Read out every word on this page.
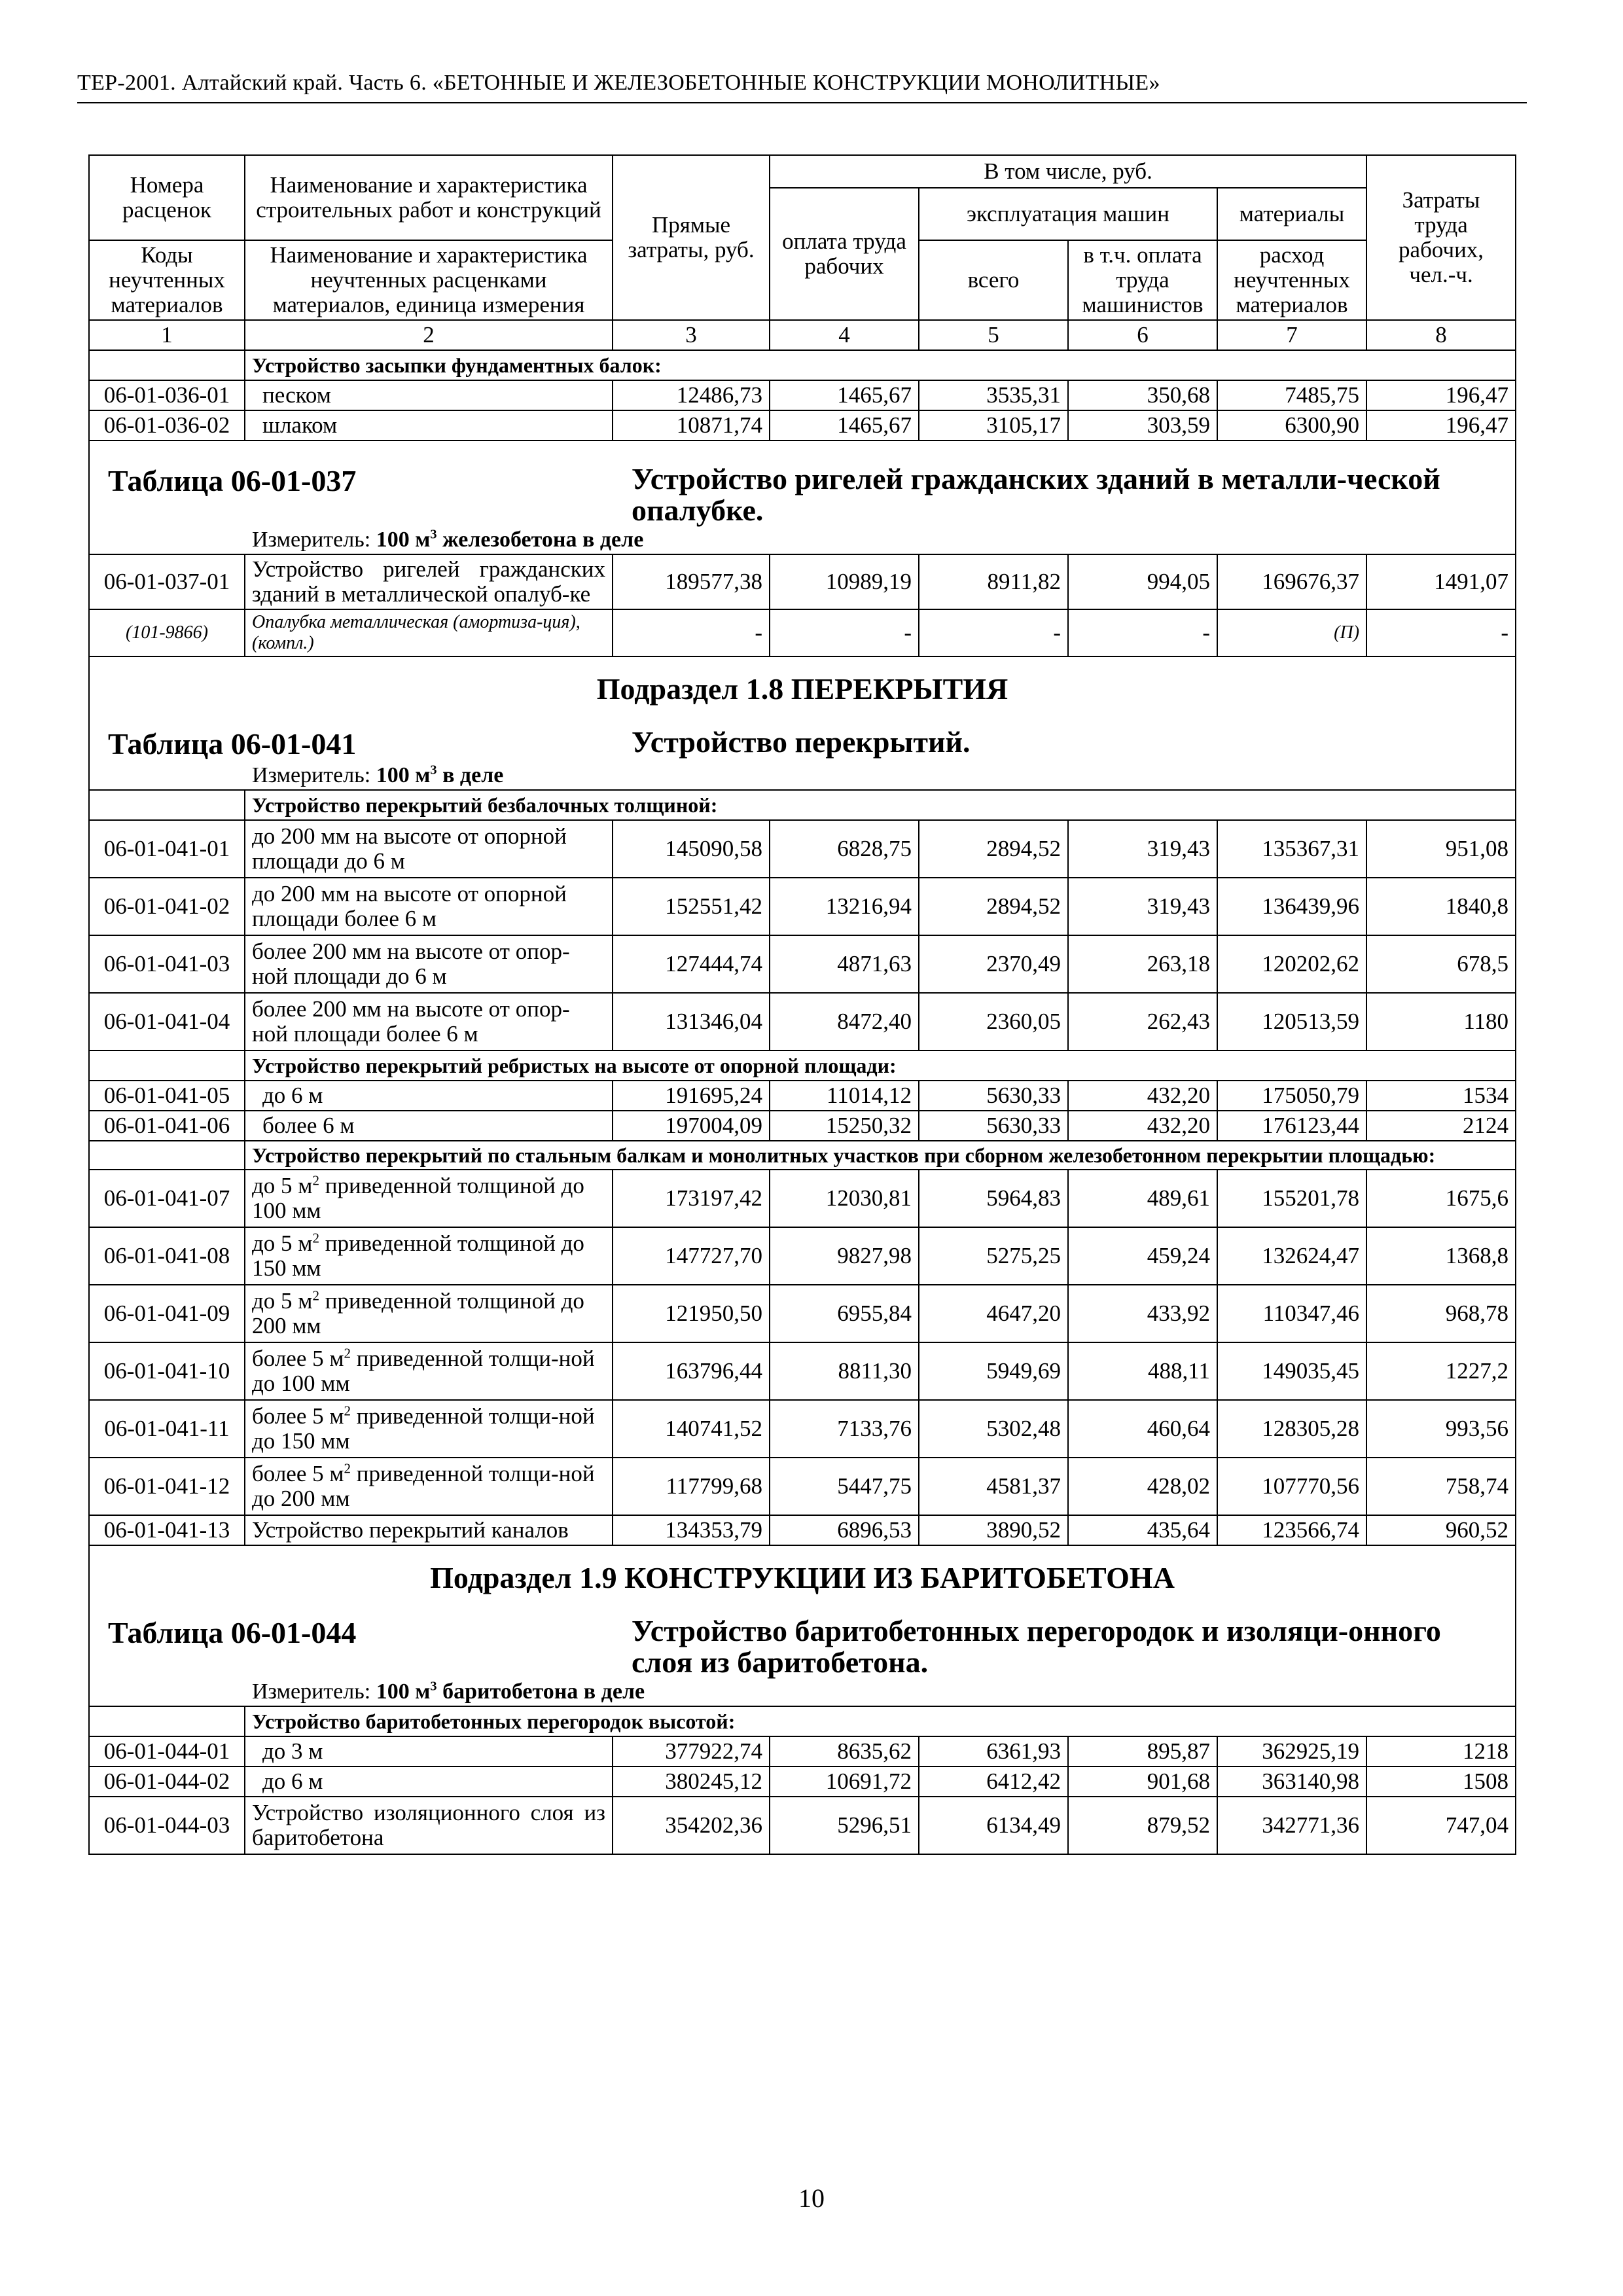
ТЕР-2001. Алтайский край. Часть 6. «БЕТОННЫЕ И ЖЕЛЕЗОБЕТОННЫЕ КОНСТРУКЦИИ МОНОЛИТНЫЕ»
Номера расценок	Наименование и характеристика строительных работ и конструкций	Прямые затраты, руб.	В том числе, руб.				Затраты труда рабочих, чел.-ч.
			оплата труда рабочих	эксплуатация машин		материалы	
Коды неучтенных материалов	Наименование и характеристика неучтенных расценками материалов, единица измерения			всего	в т.ч. оплата труда машинистов	расход неучтенных материалов	
1	2	3	4	5	6	7	8
	Устройство засыпки фундаментных балок:						
06-01-036-01	песком	12486,73	1465,67	3535,31	350,68	7485,75	196,47
06-01-036-02	шлаком	10871,74	1465,67	3105,17	303,59	6300,90	196,47

Таблица 06-01-037 Устройство ригелей гражданских зданий в металли-ческой опалубке.
Измеритель: 100 $м^3$ железобетона в деле							

06-01-037-01	Устройство ригелей гражданских зданий в металлической опалуб-ке	189577,38	10989,19	8911,82	994,05	169676,37	1491,07
(101-9866)	Опалубка металлическая (амортиза-ция), (компл.)	-	-	-	-	(П)	-

Подраздел 1.8 ПЕРЕКРЫТИЯ
Таблица 06-01-041 Устройство перекрытий.
Измеритель: 100 $м^3$ в деле							

	Устройство перекрытий безбалочных толщиной:						
06-01-041-01	до 200 мм на высоте от опорной площади до 6 м	145090,58	6828,75	2894,52	319,43	135367,31	951,08
06-01-041-02	до 200 мм на высоте от опорной площади более 6 м	152551,42	13216,94	2894,52	319,43	136439,96	1840,8
06-01-041-03	более 200 мм на высоте от опор-ной площади до 6 м	127444,74	4871,63	2370,49	263,18	120202,62	678,5
06-01-041-04	более 200 мм на высоте от опор-ной площади более 6 м	131346,04	8472,40	2360,05	262,43	120513,59	1180
	Устройство перекрытий ребристых на высоте от опорной площади:						
06-01-041-05	до 6 м	191695,24	11014,12	5630,33	432,20	175050,79	1534
06-01-041-06	более 6 м	197004,09	15250,32	5630,33	432,20	176123,44	2124
	Устройство перекрытий по стальным балкам и монолитных участков при сборном железобетонном перекрытии площадью:						
06-01-041-07	до 5 $м^2$ приведенной толщиной до 100 мм	173197,42	12030,81	5964,83	489,61	155201,78	1675,6
06-01-041-08	до 5 $м^2$ приведенной толщиной до 150 мм	147727,70	9827,98	5275,25	459,24	132624,47	1368,8
06-01-041-09	до 5 $м^2$ приведенной толщиной до 200 мм	121950,50	6955,84	4647,20	433,92	110347,46	968,78
06-01-041-10	более 5 $м^2$ приведенной толщи-ной до 100 мм	163796,44	8811,30	5949,69	488,11	149035,45	1227,2
06-01-041-11	более 5 $м^2$ приведенной толщи-ной до 150 мм	140741,52	7133,76	5302,48	460,64	128305,28	993,56
06-01-041-12	более 5 $м^2$ приведенной толщи-ной до 200 мм	117799,68	5447,75	4581,37	428,02	107770,56	758,74
06-01-041-13	Устройство перекрытий каналов	134353,79	6896,53	3890,52	435,64	123566,74	960,52

Подраздел 1.9 КОНСТРУКЦИИ ИЗ БАРИТОБЕТОНА
Таблица 06-01-044 Устройство баритобетонных перегородок и изоляци-онного слоя из баритобетона.
Измеритель: 100 $м^3$ баритобетона в деле							

	Устройство баритобетонных перегородок высотой:						
06-01-044-01	до 3 м	377922,74	8635,62	6361,93	895,87	362925,19	1218
06-01-044-02	до 6 м	380245,12	10691,72	6412,42	901,68	363140,98	1508
06-01-044-03	Устройство изоляционного слоя из баритобетона	354202,36	5296,51	6134,49	879,52	342771,36	747,04
10
